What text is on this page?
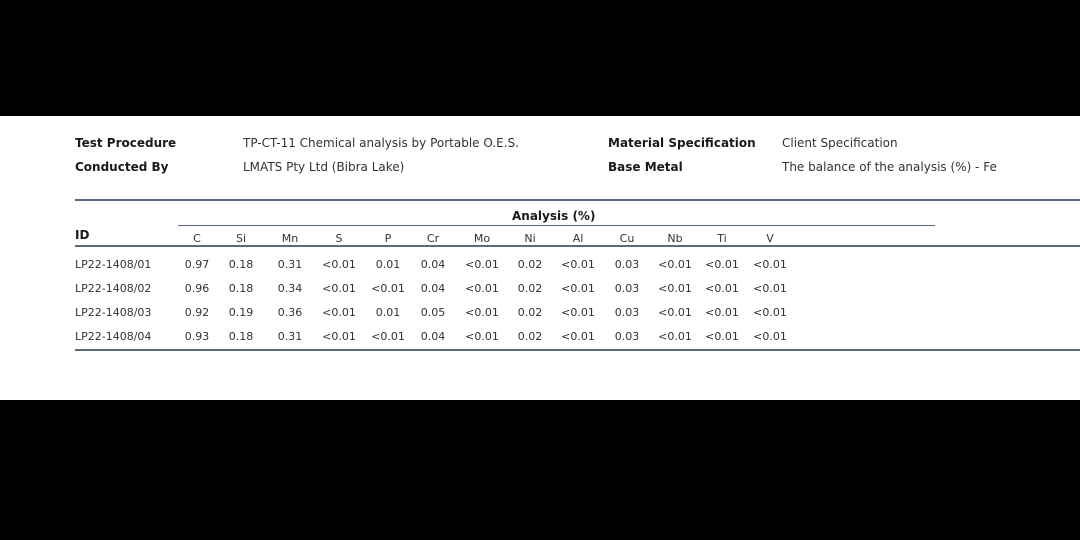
Test Procedure	TP-CT-11 Chemical analysis by Portable O.E.S.
Conducted By	LMATS Pty Ltd (Bibra Lake)
Material Specification Client Specification
Base Metal	The balance of the analysis (%) - Fe
Analysis (%)
ID	C	Si	Mn	S	P	Cr	Mo	Ni	Al	Cu	Nb	Ti	V
LP22-1408/01	0.97	0.18	0.31	<0.01	0.01	0.04	<0.01	0.02	<0.01	0.03	<0.01	<0.01	<0.01
LP22-1408/02	0.96	0.18	0.34	<0.01	<0.01	0.04	<0.01	0.02	<0.01	0.03	<0.01	<0.01	<0.01
LP22-1408/03	0.92	0.19	0.36	<0.01	0.01	0.05	<0.01	0.02	<0.01	0.03	<0.01	<0.01	<0.01
LP22-1408/04	0.93	0.18	0.31	<0.01	<0.01	0.04	<0.01	0.02	<0.01	0.03	<0.01	<0.01	<0.01
